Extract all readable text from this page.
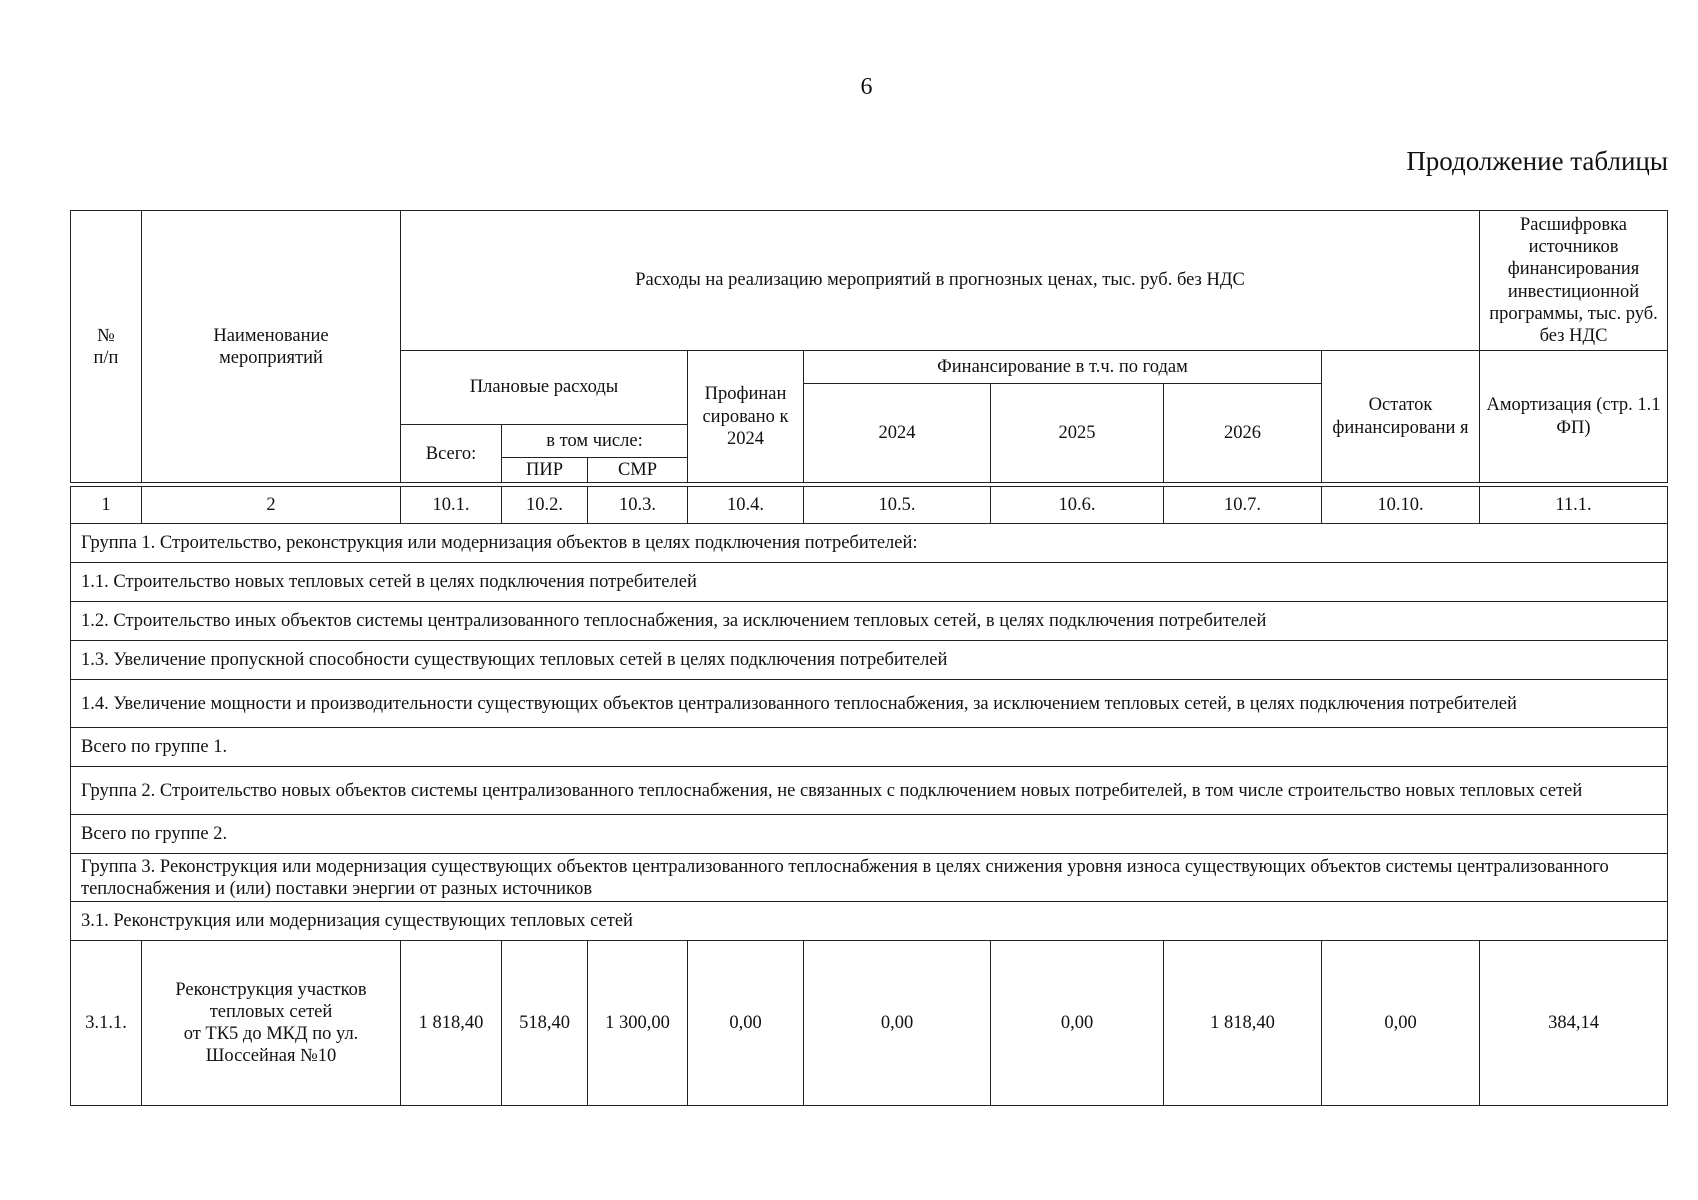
6
Продолжение таблицы
№
п/п	Наименование
мероприятий	Расходы на реализацию мероприятий в прогнозных ценах, тыс. руб. без НДС								Расшифровка источников финансирования инвестиционной программы, тыс. руб. без НДС
		Плановые расходы			Профинан сировано к 2024	Финансирование в т.ч. по годам			Остаток финансировани я	Амортизация (стр. 1.1 ФП)
						2024	2025	2026		
		Всего:	в том числе:							
			ПИР	СМР						

1	2	10.1.	10.2.	10.3.	10.4.	10.5.	10.6.	10.7.	10.10.	11.1.
Группа 1. Строительство, реконструкция или модернизация объектов в целях подключения потребителей:										
1.1. Строительство новых тепловых сетей в целях подключения потребителей										
1.2. Строительство иных объектов системы централизованного теплоснабжения, за исключением тепловых сетей, в целях подключения потребителей										
1.3. Увеличение пропускной способности существующих тепловых сетей в целях подключения потребителей										
1.4. Увеличение мощности и производительности существующих объектов централизованного теплоснабжения, за исключением тепловых сетей, в целях подключения потребителей										
Всего по группе 1.										
Группа 2. Строительство новых объектов системы централизованного теплоснабжения, не связанных с подключением новых потребителей, в том числе строительство новых тепловых сетей										
Всего по группе 2.										
Группа 3. Реконструкция или модернизация существующих объектов централизованного теплоснабжения в целях снижения уровня износа существующих объектов системы централизованного теплоснабжения и (или) поставки энергии от разных источников										
3.1. Реконструкция или модернизация существующих тепловых сетей										
3.1.1.	Реконструкция участков тепловых сетей
от ТК5 до МКД по ул. Шоссейная №10	1 818,40	518,40	1 300,00	0,00	0,00	0,00	1 818,40	0,00	384,14
